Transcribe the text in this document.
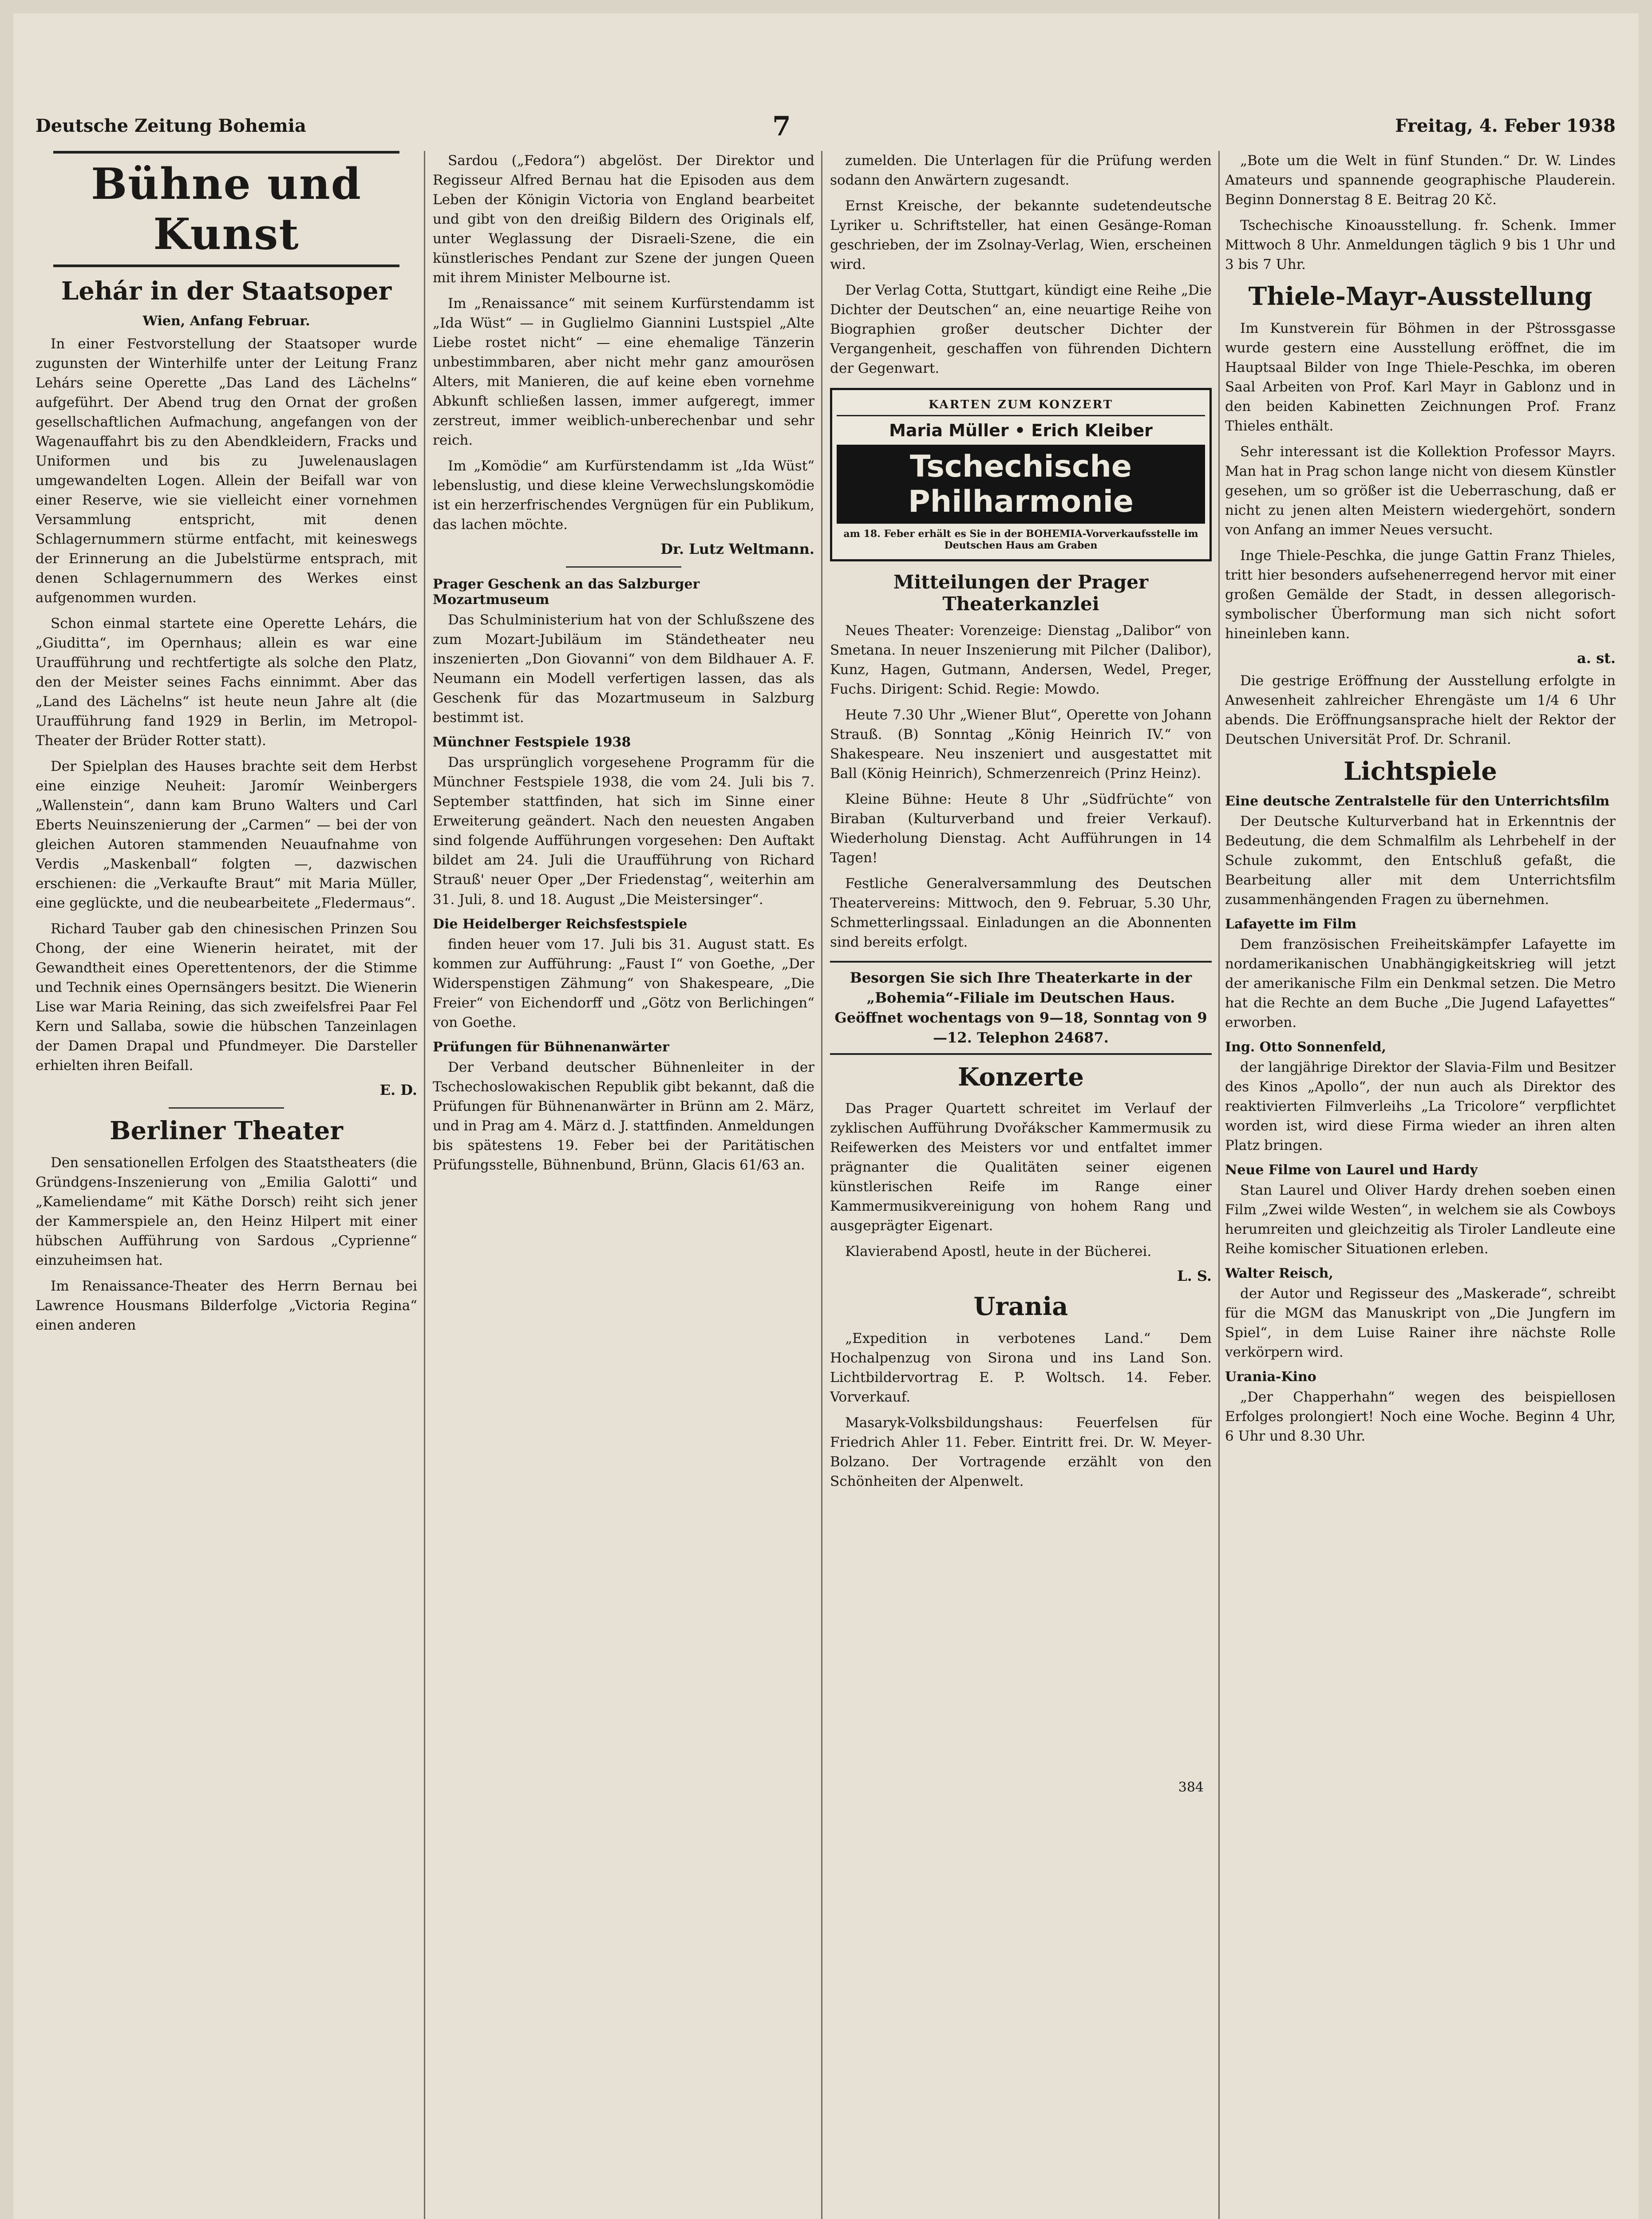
Deutsche Zeitung Bohemia	7	Freitag, 4. Feber 1938
Bühne und Kunst
Lehár in der Staatsoper
Wien, Anfang Februar.

In einer Festvorstellung der Staatsoper wurde zugunsten der Winterhilfe unter der Leitung Franz Lehárs seine Operette „Das Land des Lächelns“ aufgeführt. Der Abend trug den Ornat der großen gesellschaftlichen Aufmachung, angefangen von der Wagenauffahrt bis zu den Abendkleidern, Fracks und Uniformen und bis zu Juwelenauslagen umgewandelten Logen. Allein der Beifall war von einer Reserve, wie sie vielleicht einer vornehmen Versammlung entspricht, mit denen Schlagernummern stürme entfacht, mit keineswegs der Erinnerung an die Jubelstürme entsprach, mit denen Schlagernummern des Werkes einst aufgenommen wurden.

Schon einmal startete eine Operette Lehárs, die „Giuditta“, im Opernhaus; allein es war eine Uraufführung und rechtfertigte als solche den Platz, den der Meister seines Fachs einnimmt. Aber das „Land des Lächelns“ ist heute neun Jahre alt (die Uraufführung fand 1929 in Berlin, im Metropol-Theater der Brüder Rotter statt).

Der Spielplan des Hauses brachte seit dem Herbst eine einzige Neuheit: Jaromír Weinbergers „Wallenstein“, dann kam Bruno Walters und Carl Eberts Neuinszenierung der „Carmen“ — bei der von gleichen Autoren stammenden Neuaufnahme von Verdis „Maskenball“ folgten —, dazwischen erschienen: die „Verkaufte Braut“ mit Maria Müller, eine geglückte, und die neubearbeitete „Fledermaus“.

Richard Tauber gab den chinesischen Prinzen Sou Chong, der eine Wienerin heiratet, mit der Gewandtheit eines Operettentenors, der die Stimme und Technik eines Opernsängers besitzt. Die Wienerin Lise war Maria Reining, das sich zweifelsfrei Paar Fel Kern und Sallaba, sowie die hübschen Tanzeinlagen der Damen Drapal und Pfundmeyer. Die Darsteller erhielten ihren Beifall.

E. D.
Berliner Theater

Den sensationellen Erfolgen des Staatstheaters (die Gründgens-Inszenierung von „Emilia Galotti“ und „Kameliendame“ mit Käthe Dorsch) reiht sich jener der Kammerspiele an, den Heinz Hilpert mit einer hübschen Aufführung von Sardous „Cyprienne“ einzuheimsen hat.

Im Renaissance-Theater des Herrn Bernau bei Lawrence Housmans Bilderfolge „Victoria Regina“ einen anderen

Sardou („Fedora“) abgelöst. Der Direktor und Regisseur Alfred Bernau hat die Episoden aus dem Leben der Königin Victoria von England bearbeitet und gibt von den dreißig Bildern des Originals elf, unter Weglassung der Disraeli-Szene, die ein künstlerisches Pendant zur Szene der jungen Queen mit ihrem Minister Melbourne ist.

Im „Renaissance“ mit seinem Kurfürstendamm ist „Ida Wüst“ — in Guglielmo Giannini Lustspiel „Alte Liebe rostet nicht“ — eine ehemalige Tänzerin unbestimmbaren, aber nicht mehr ganz amourösen Alters, mit Manieren, die auf keine eben vornehme Abkunft schließen lassen, immer aufgeregt, immer zerstreut, immer weiblich-unberechenbar und sehr reich.

Im „Komödie“ am Kurfürstendamm ist „Ida Wüst“ lebenslustig, und diese kleine Verwechslungskomödie ist ein herzerfrischendes Vergnügen für ein Publikum, das lachen möchte.

Dr. Lutz Weltmann.
Prager Geschenk an das Salzburger Mozartmuseum

Das Schulministerium hat von der Schlußszene des zum Mozart-Jubiläum im Ständetheater neu inszenierten „Don Giovanni“ von dem Bildhauer A. F. Neumann ein Modell verfertigen lassen, das als Geschenk für das Mozartmuseum in Salzburg bestimmt ist.

Münchner Festspiele 1938

Das ursprünglich vorgesehene Programm für die Münchner Festspiele 1938, die vom 24. Juli bis 7. September stattfinden, hat sich im Sinne einer Erweiterung geändert. Nach den neuesten Angaben sind folgende Aufführungen vorgesehen: Den Auftakt bildet am 24. Juli die Uraufführung von Richard Strauß' neuer Oper „Der Friedenstag“, weiterhin am 31. Juli, 8. und 18. August „Die Meistersinger“.

Die Heidelberger Reichsfestspiele

finden heuer vom 17. Juli bis 31. August statt. Es kommen zur Aufführung: „Faust I“ von Goethe, „Der Widerspenstigen Zähmung“ von Shakespeare, „Die Freier“ von Eichendorff und „Götz von Berlichingen“ von Goethe.

Prüfungen für Bühnenanwärter

Der Verband deutscher Bühnenleiter in der Tschechoslowakischen Republik gibt bekannt, daß die Prüfungen für Bühnenanwärter in Brünn am 2. März, und in Prag am 4. März d. J. stattfinden. Anmeldungen bis spätestens 19. Feber bei der Paritätischen Prüfungsstelle, Bühnenbund, Brünn, Glacis 61/63 an.

zumelden. Die Unterlagen für die Prüfung werden sodann den Anwärtern zugesandt.

Ernst Kreische, der bekannte sudetendeutsche Lyriker u. Schriftsteller, hat einen Gesänge-Roman geschrieben, der im Zsolnay-Verlag, Wien, erscheinen wird.

Der Verlag Cotta, Stuttgart, kündigt eine Reihe „Die Dichter der Deutschen“ an, eine neuartige Reihe von Biographien großer deutscher Dichter der Vergangenheit, geschaffen von führenden Dichtern der Gegenwart.

KARTEN ZUM KONZERT
Maria Müller • Erich Kleiber
Tschechische Philharmonie
am 18. Feber erhält es Sie in der BOHEMIA-Vorverkaufsstelle im Deutschen Haus am Graben
Mitteilungen der Prager Theaterkanzlei

Neues Theater: Vorenzeige: Dienstag „Dalibor“ von Smetana. In neuer Inszenierung mit Pilcher (Dalibor), Kunz, Hagen, Gutmann, Andersen, Wedel, Preger, Fuchs. Dirigent: Schid. Regie: Mowdo.

Heute 7.30 Uhr „Wiener Blut“, Operette von Johann Strauß. (B) Sonntag „König Heinrich IV.“ von Shakespeare. Neu inszeniert und ausgestattet mit Ball (König Heinrich), Schmerzenreich (Prinz Heinz).

Kleine Bühne: Heute 8 Uhr „Südfrüchte“ von Biraban (Kulturverband und freier Verkauf). Wiederholung Dienstag. Acht Aufführungen in 14 Tagen!

Festliche Generalversammlung des Deutschen Theatervereins: Mittwoch, den 9. Februar, 5.30 Uhr, Schmetterlingssaal. Einladungen an die Abonnenten sind bereits erfolgt.

Besorgen Sie sich Ihre Theaterkarte in der „Bohemia“-Filiale im Deutschen Haus. Geöffnet wochentags von 9—18, Sonntag von 9—12. Telephon 24687.
Konzerte

Das Prager Quartett schreitet im Verlauf der zyklischen Aufführung Dvořákscher Kammermusik zu Reifewerken des Meisters vor und entfaltet immer prägnanter die Qualitäten seiner eigenen künstlerischen Reife im Range einer Kammermusikvereinigung von hohem Rang und ausgeprägter Eigenart.

Klavierabend Apostl, heute in der Bücherei.

L. S.
Urania

„Expedition in verbotenes Land.“ Dem Hochalpenzug von Sirona und ins Land Son. Lichtbildervortrag E. P. Woltsch. 14. Feber. Vorverkauf.

Masaryk-Volksbildungshaus: Feuerfelsen für Friedrich Ahler 11. Feber. Eintritt frei. Dr. W. Meyer-Bolzano. Der Vortragende erzählt von den Schönheiten der Alpenwelt.

384

„Bote um die Welt in fünf Stunden.“ Dr. W. Lindes Amateurs und spannende geographische Plauderein. Beginn Donnerstag 8 E. Beitrag 20 Kč.

Tschechische Kinoausstellung. fr. Schenk. Immer Mittwoch 8 Uhr. Anmeldungen täglich 9 bis 1 Uhr und 3 bis 7 Uhr.

Thiele-Mayr-Ausstellung

Im Kunstverein für Böhmen in der Pštrossgasse wurde gestern eine Ausstellung eröffnet, die im Hauptsaal Bilder von Inge Thiele-Peschka, im oberen Saal Arbeiten von Prof. Karl Mayr in Gablonz und in den beiden Kabinetten Zeichnungen Prof. Franz Thieles enthält.

Sehr interessant ist die Kollektion Professor Mayrs. Man hat in Prag schon lange nicht von diesem Künstler gesehen, um so größer ist die Ueberraschung, daß er nicht zu jenen alten Meistern wiedergehört, sondern von Anfang an immer Neues versucht.

Inge Thiele-Peschka, die junge Gattin Franz Thieles, tritt hier besonders aufsehenerregend hervor mit einer großen Gemälde der Stadt, in dessen allegorisch-symbolischer Überformung man sich nicht sofort hineinleben kann.

a. st.

Die gestrige Eröffnung der Ausstellung erfolgte in Anwesenheit zahlreicher Ehrengäste um 1/4 6 Uhr abends. Die Eröffnungsansprache hielt der Rektor der Deutschen Universität Prof. Dr. Schranil.

Lichtspiele
Eine deutsche Zentralstelle für den Unterrichtsfilm

Der Deutsche Kulturverband hat in Erkenntnis der Bedeutung, die dem Schmalfilm als Lehrbehelf in der Schule zukommt, den Entschluß gefaßt, die Bearbeitung aller mit dem Unterrichtsfilm zusammenhängenden Fragen zu übernehmen.

Lafayette im Film

Dem französischen Freiheitskämpfer Lafayette im nordamerikanischen Unabhängigkeitskrieg will jetzt der amerikanische Film ein Denkmal setzen. Die Metro hat die Rechte an dem Buche „Die Jugend Lafayettes“ erworben.

Ing. Otto Sonnenfeld,

der langjährige Direktor der Slavia-Film und Besitzer des Kinos „Apollo“, der nun auch als Direktor des reaktivierten Filmverleihs „La Tricolore“ verpflichtet worden ist, wird diese Firma wieder an ihren alten Platz bringen.

Neue Filme von Laurel und Hardy

Stan Laurel und Oliver Hardy drehen soeben einen Film „Zwei wilde Westen“, in welchem sie als Cowboys herumreiten und gleichzeitig als Tiroler Landleute eine Reihe komischer Situationen erleben.

Walter Reisch,

der Autor und Regisseur des „Maskerade“, schreibt für die MGM das Manuskript von „Die Jungfern im Spiel“, in dem Luise Rainer ihre nächste Rolle verkörpern wird.

Urania-Kino

„Der Chapperhahn“ wegen des beispiellosen Erfolges prolongiert! Noch eine Woche. Beginn 4 Uhr, 6 Uhr und 8.30 Uhr.
